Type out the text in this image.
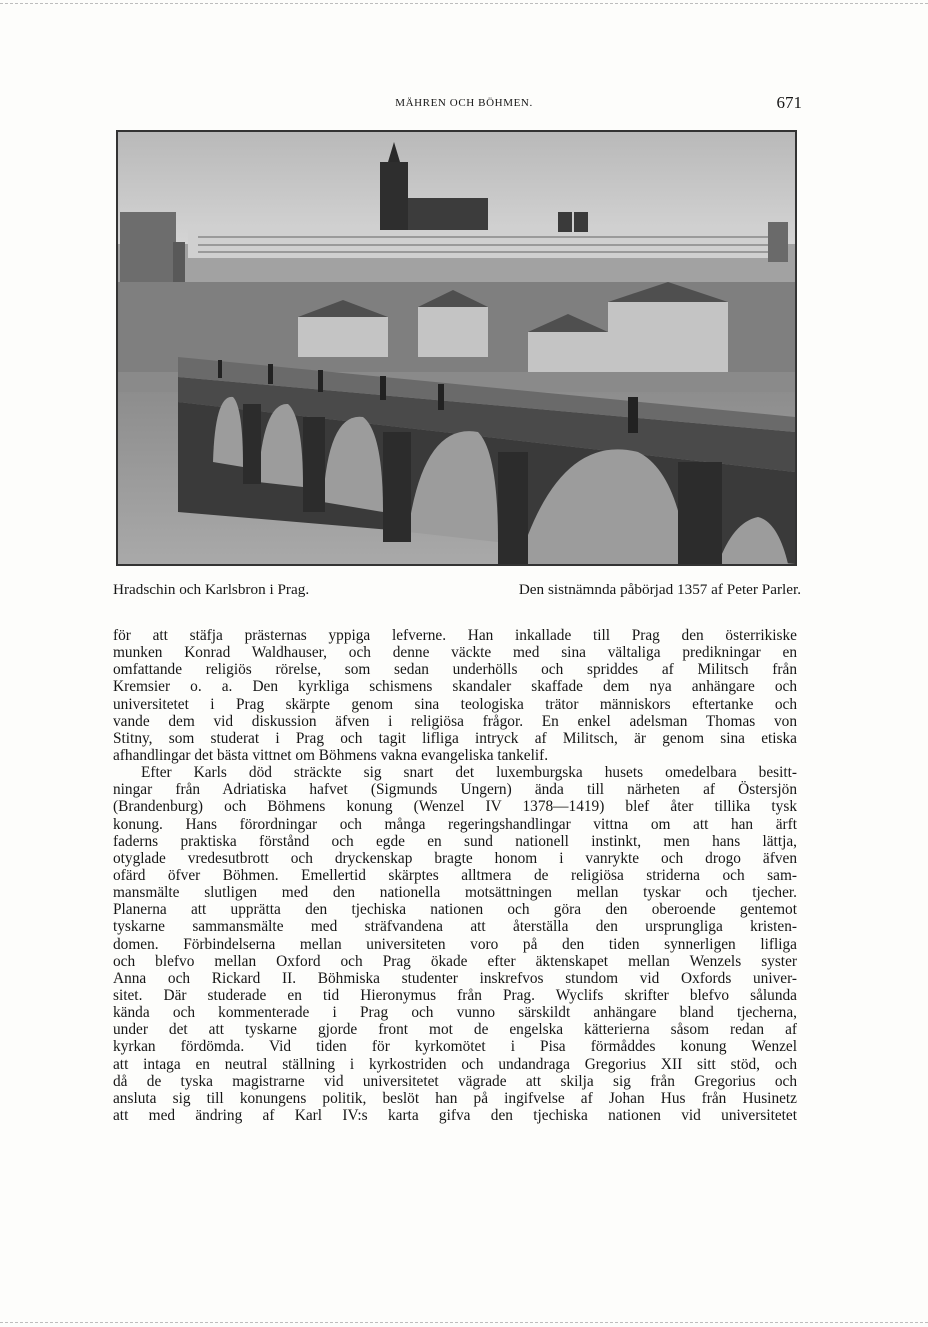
MÄHREN OCH BÖHMEN.	671
Hradschin och Karlsbron i Prag.	Den sistnämnda påbörjad 1357 af Peter Parler.
för att stäfja prästernas yppiga lefverne. Han inkallade till Prag den österrikiske
munken Konrad Waldhauser, och denne väckte med sina vältaliga predikningar en
omfattande religiös rörelse, som sedan underhölls och spriddes af Militsch från
Kremsier o. a. Den kyrkliga schismens skandaler skaffade dem nya anhängare och
universitetet i Prag skärpte genom sina teologiska trätor människors eftertanke och
vande dem vid diskussion äfven i religiösa frågor. En enkel adelsman Thomas von
Stitny, som studerat i Prag och tagit lifliga intryck af Militsch, är genom sina etiska
afhandlingar det bästa vittnet om Böhmens vakna evangeliska tankelif.
Efter Karls död sträckte sig snart det luxemburgska husets omedelbara besitt-
ningar från Adriatiska hafvet (Sigmunds Ungern) ända till närheten af Östersjön
(Brandenburg) och Böhmens konung (Wenzel IV 1378—1419) blef åter tillika tysk
konung. Hans förordningar och många regeringshandlingar vittna om att han ärft
faderns praktiska förstånd och egde en sund nationell instinkt, men hans lättja,
otyglade vredesutbrott och dryckenskap bragte honom i vanrykte och drogo äfven
ofärd öfver Böhmen. Emellertid skärptes alltmera de religiösa striderna och sam-
mansmälte slutligen med den nationella motsättningen mellan tyskar och tjecher.
Planerna att upprätta den tjechiska nationen och göra den oberoende gentemot
tyskarne sammansmälte med sträfvandena att återställa den ursprungliga kristen-
domen. Förbindelserna mellan universiteten voro på den tiden synnerligen lifliga
och blefvo mellan Oxford och Prag ökade efter äktenskapet mellan Wenzels syster
Anna och Rickard II. Böhmiska studenter inskrefvos stundom vid Oxfords univer-
sitet. Där studerade en tid Hieronymus från Prag. Wyclifs skrifter blefvo sålunda
kända och kommenterade i Prag och vunno särskildt anhängare bland tjecherna,
under det att tyskarne gjorde front mot de engelska kätterierna såsom redan af
kyrkan fördömda. Vid tiden för kyrkomötet i Pisa förmåddes konung Wenzel
att intaga en neutral ställning i kyrkostriden och undandraga Gregorius XII sitt stöd, och
då de tyska magistrarne vid universitetet vägrade att skilja sig från Gregorius och
ansluta sig till konungens politik, beslöt han på ingifvelse af Johan Hus från Husinetz
att med ändring af Karl IV:s karta gifva den tjechiska nationen vid universitetet
